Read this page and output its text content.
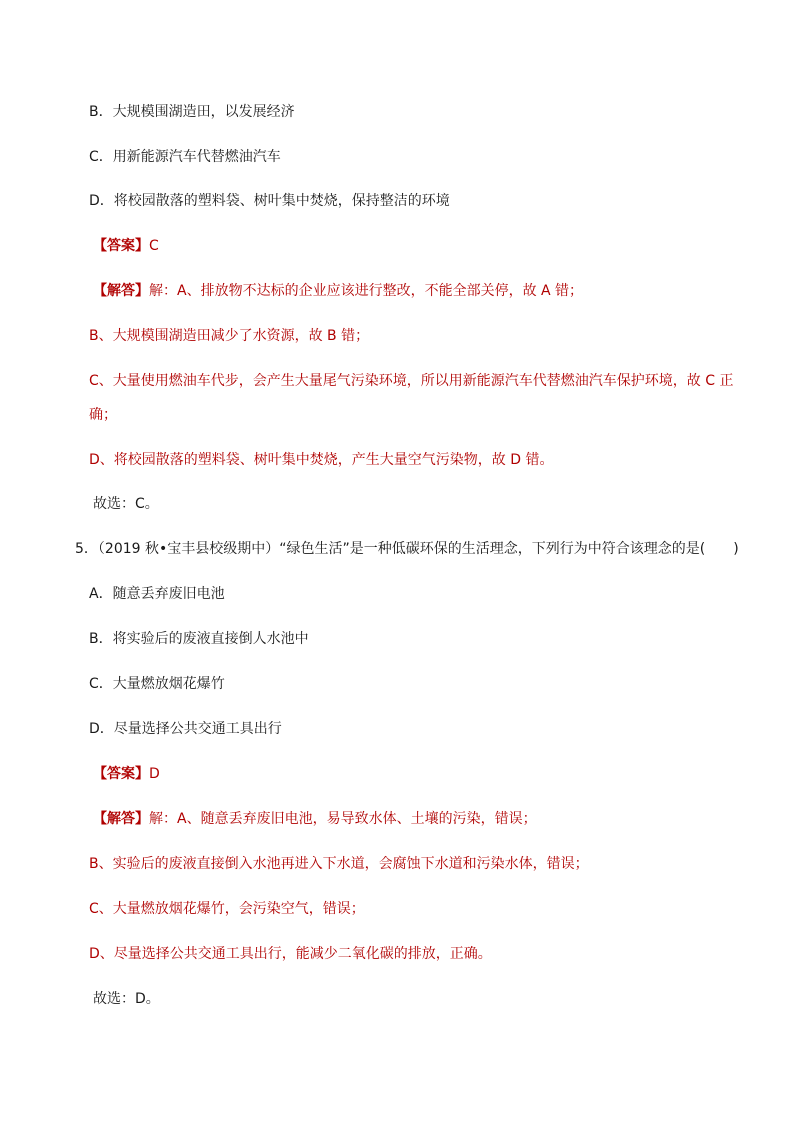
B．大规模围湖造田，以发展经济
C．用新能源汽车代替燃油汽车
D．将校园散落的塑料袋、树叶集中焚烧，保持整洁的环境
【答案】C
【解答】解：A、排放物不达标的企业应该进行整改，不能全部关停，故 A 错；
B、大规模围湖造田减少了水资源，故 B 错；
C、大量使用燃油车代步，会产生大量尾气污染环境，所以用新能源汽车代替燃油汽车保护环境，故 C 正
确；
D、将校园散落的塑料袋、树叶集中焚烧，产生大量空气污染物，故 D 错。
故选：C。
5．（2019 秋•宝丰县校级期中）“绿色生活”是一种低碳环保的生活理念，下列行为中符合该理念的是(　　)
A．随意丢弃废旧电池
B．将实验后的废液直接倒人水池中
C．大量燃放烟花爆竹
D．尽量选择公共交通工具出行
【答案】D
【解答】解：A、随意丢弃废旧电池，易导致水体、土壤的污染，错误；
B、实验后的废液直接倒入水池再进入下水道，会腐蚀下水道和污染水体，错误；
C、大量燃放烟花爆竹，会污染空气，错误；
D、尽量选择公共交通工具出行，能减少二氧化碳的排放，正确。
故选：D。
